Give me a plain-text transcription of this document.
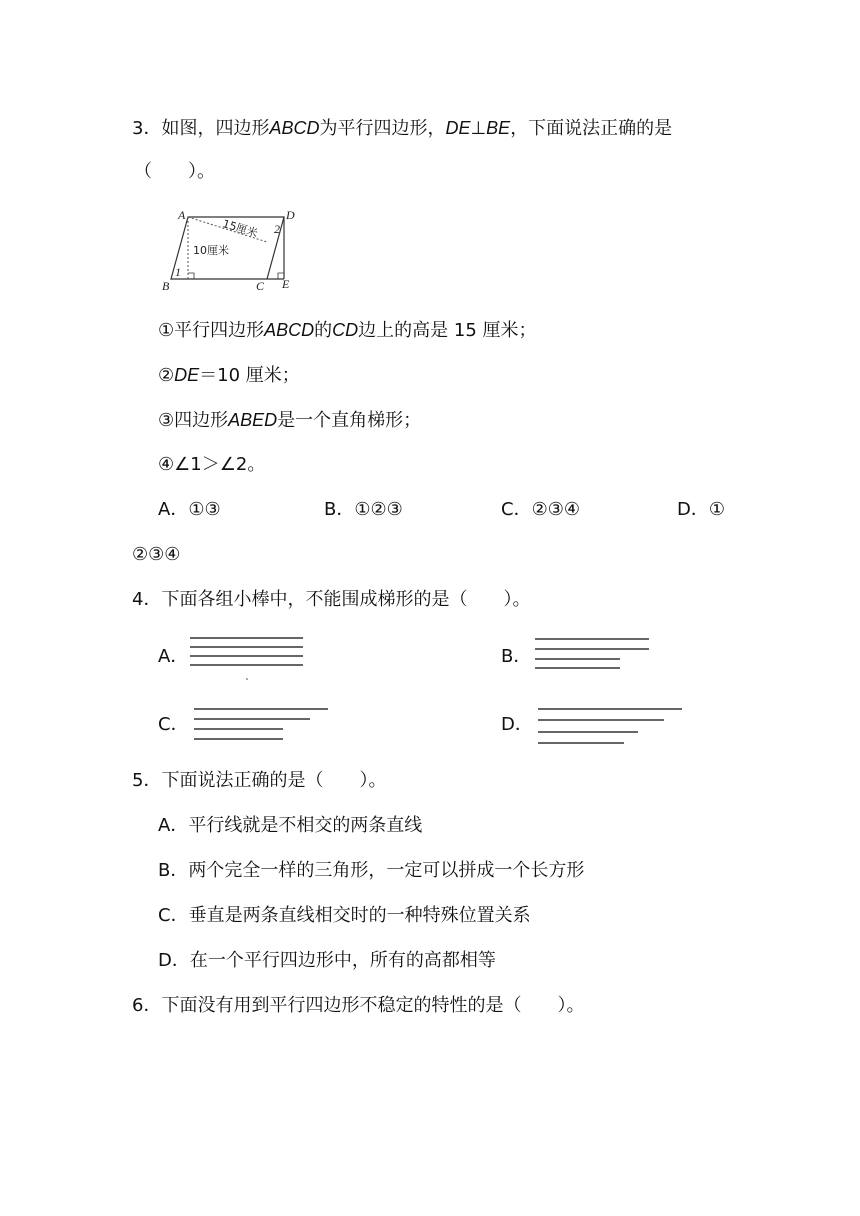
3．如图，四边形ABCD为平行四边形，DE⊥BE，下面说法正确的是
（　　）。
A	D
B	C E
15厘米
10厘米
1
2
①平行四边形ABCD的CD边上的高是 15 厘米；
②DE＝10 厘米；
③四边形ABED是一个直角梯形；
④∠1＞∠2。
A．①③	B．①②③	C．②③④	D．①
②③④
4．下面各组小棒中，不能围成梯形的是（　　）。
A．	B．
C．	D．
5．下面说法正确的是（　　）。
A．平行线就是不相交的两条直线
B．两个完全一样的三角形，一定可以拼成一个长方形
C．垂直是两条直线相交时的一种特殊位置关系
D．在一个平行四边形中，所有的高都相等
6．下面没有用到平行四边形不稳定的特性的是（　　）。
